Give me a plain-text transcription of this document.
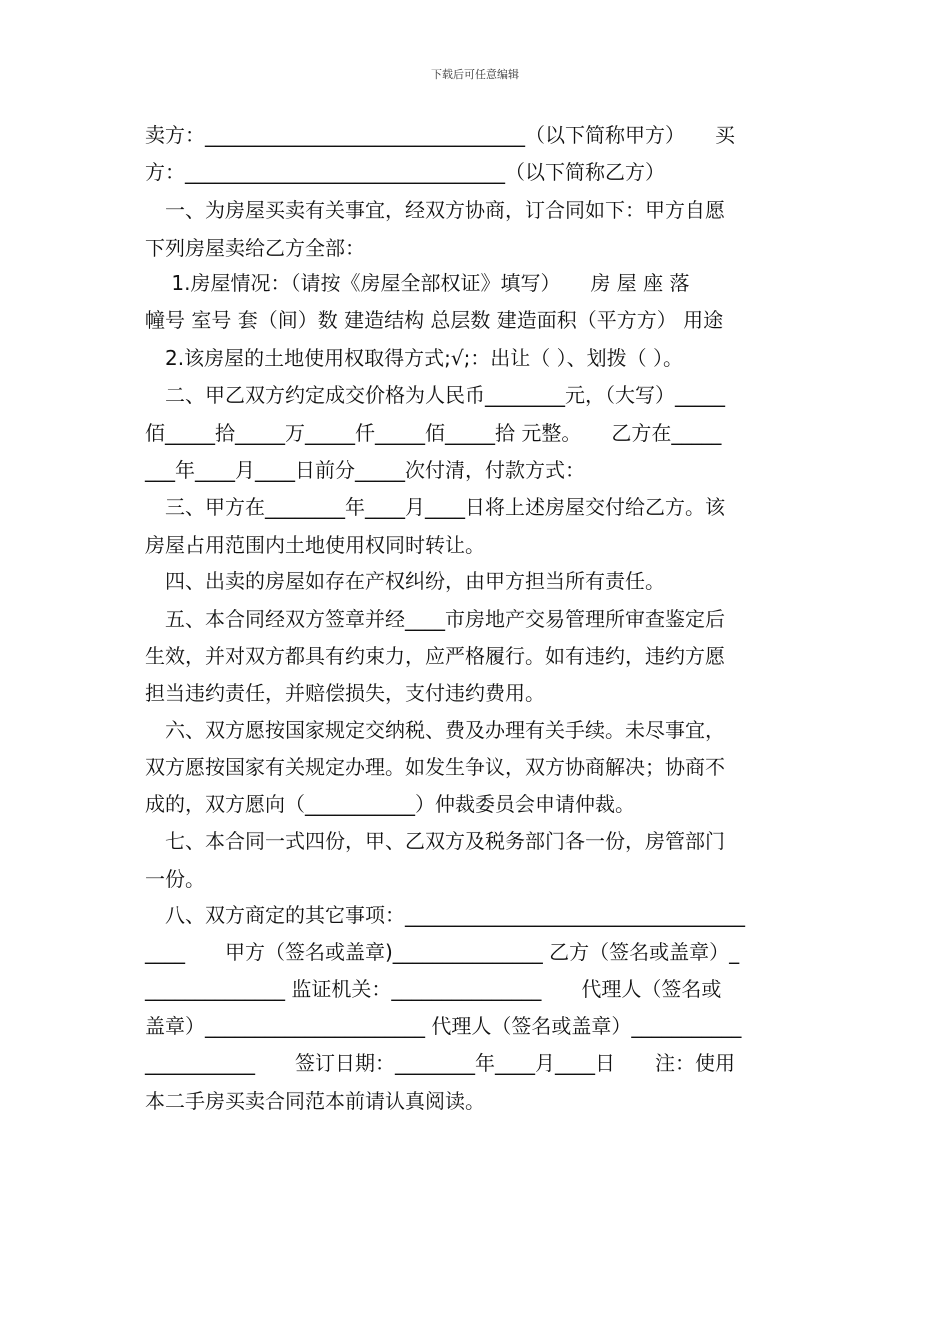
下载后可任意编辑
卖方：________________________________（以下简称甲方）　　买
方：________________________________（以下简称乙方）
　一、为房屋买卖有关事宜，经双方协商，订合同如下：甲方自愿
下列房屋卖给乙方全部：
　 1.房屋情况：（请按《房屋全部权证》填写）　　房 屋 座 落
幢号 室号 套（间）数 建造结构 总层数 建造面积（平方方） 用途
　2.该房屋的土地使用权取得方式;√;：出让（ ）、划拨（ ）。
　二、甲乙双方约定成交价格为人民币________元，（大写）_____
佰_____拾_____万_____仟_____佰_____拾 元整。　　乙方在_____
___年____月____日前分_____次付清，付款方式：
　三、甲方在________年____月____日将上述房屋交付给乙方。该
房屋占用范围内土地使用权同时转让。
　四、出卖的房屋如存在产权纠纷，由甲方担当所有责任。
　五、本合同经双方签章并经____市房地产交易管理所审查鉴定后
生效，并对双方都具有约束力，应严格履行。如有违约，违约方愿
担当违约责任，并赔偿损失，支付违约费用。
　六、双方愿按国家规定交纳税、费及办理有关手续。未尽事宜，
双方愿按国家有关规定办理。如发生争议，双方协商解决；协商不
成的，双方愿向（___________）仲裁委员会申请仲裁。
　七、本合同一式四份，甲、乙双方及税务部门各一份，房管部门
一份。
　八、双方商定的其它事项：__________________________________
____　　甲方（签名或盖章)_______________ 乙方（签名或盖章）_
______________ 监证机关：_______________　　代理人（签名或
盖章）______________________ 代理人（签名或盖章）___________
___________　　签订日期：________年____月____日　　注：使用
本二手房买卖合同范本前请认真阅读。
